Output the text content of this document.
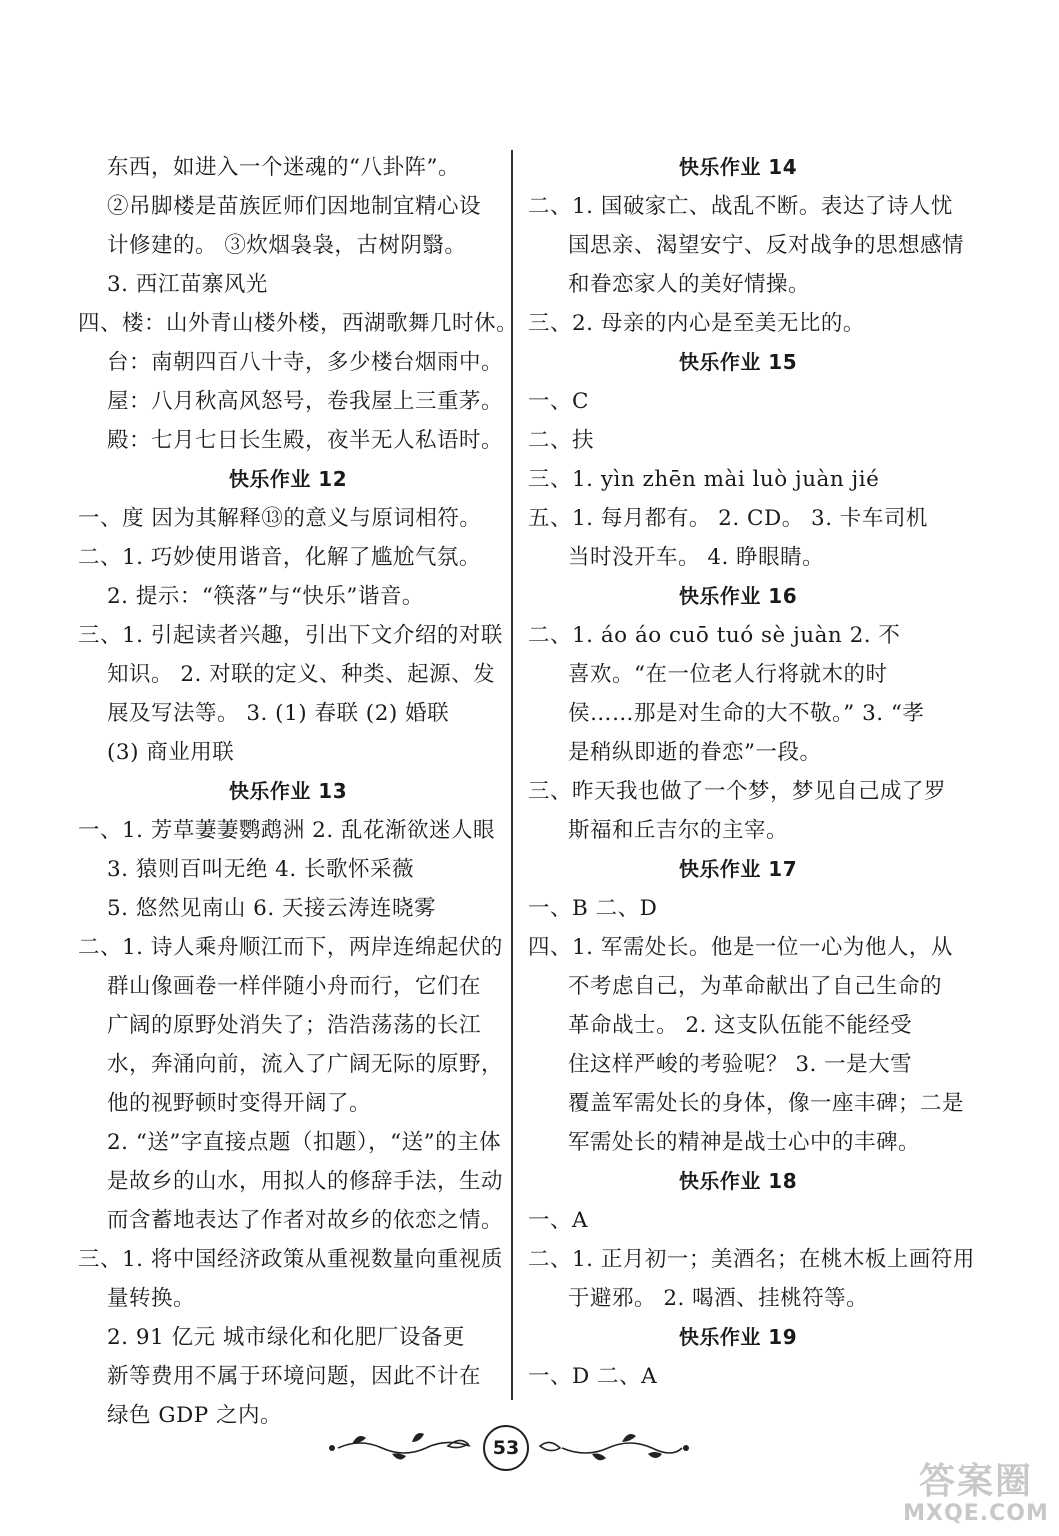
东西，如进入一个迷魂的“八卦阵”。
②吊脚楼是苗族匠师们因地制宜精心设
计修建的。 ③炊烟袅袅，古树阴翳。
3. 西江苗寨风光
四、楼：山外青山楼外楼，西湖歌舞几时休。
台：南朝四百八十寺，多少楼台烟雨中。
屋：八月秋高风怒号，卷我屋上三重茅。
殿：七月七日长生殿，夜半无人私语时。
快乐作业 12
一、度 因为其解释⑬的意义与原词相符。
二、1. 巧妙使用谐音，化解了尴尬气氛。
2. 提示：“筷落”与“快乐”谐音。
三、1. 引起读者兴趣，引出下文介绍的对联
知识。 2. 对联的定义、种类、起源、发
展及写法等。 3. (1) 春联 (2) 婚联
(3) 商业用联
快乐作业 13
一、1. 芳草萋萋鹦鹉洲 2. 乱花渐欲迷人眼
3. 猿则百叫无绝 4. 长歌怀采薇
5. 悠然见南山 6. 天接云涛连晓雾
二、1. 诗人乘舟顺江而下，两岸连绵起伏的
群山像画卷一样伴随小舟而行，它们在
广阔的原野处消失了；浩浩荡荡的长江
水，奔涌向前，流入了广阔无际的原野，
他的视野顿时变得开阔了。
2. “送”字直接点题（扣题），“送”的主体
是故乡的山水，用拟人的修辞手法，生动
而含蓄地表达了作者对故乡的依恋之情。
三、1. 将中国经济政策从重视数量向重视质
量转换。
2. 91 亿元 城市绿化和化肥厂设备更
新等费用不属于环境问题，因此不计在
绿色 GDP 之内。
快乐作业 14
二、1. 国破家亡、战乱不断。表达了诗人忧
国思亲、渴望安宁、反对战争的思想感情
和眷恋家人的美好情操。
三、2. 母亲的内心是至美无比的。
快乐作业 15
一、C
二、扶
三、1. yìn zhēn mài luò juàn jié
五、1. 每月都有。 2. CD。 3. 卡车司机
当时没开车。 4. 睁眼睛。
快乐作业 16
二、1. áo áo cuō tuó sè juàn 2. 不
喜欢。“在一位老人行将就木的时
侯……那是对生命的大不敬。” 3. “孝
是稍纵即逝的眷恋”一段。
三、昨天我也做了一个梦，梦见自己成了罗
斯福和丘吉尔的主宰。
快乐作业 17
一、B 二、D
四、1. 军需处长。他是一位一心为他人，从
不考虑自己，为革命献出了自己生命的
革命战士。 2. 这支队伍能不能经受
住这样严峻的考验呢？ 3. 一是大雪
覆盖军需处长的身体，像一座丰碑；二是
军需处长的精神是战士心中的丰碑。
快乐作业 18
一、A
二、1. 正月初一；美酒名；在桃木板上画符用
于避邪。 2. 喝酒、挂桃符等。
快乐作业 19
一、D 二、A
53
答案圈
MXQE.COM
